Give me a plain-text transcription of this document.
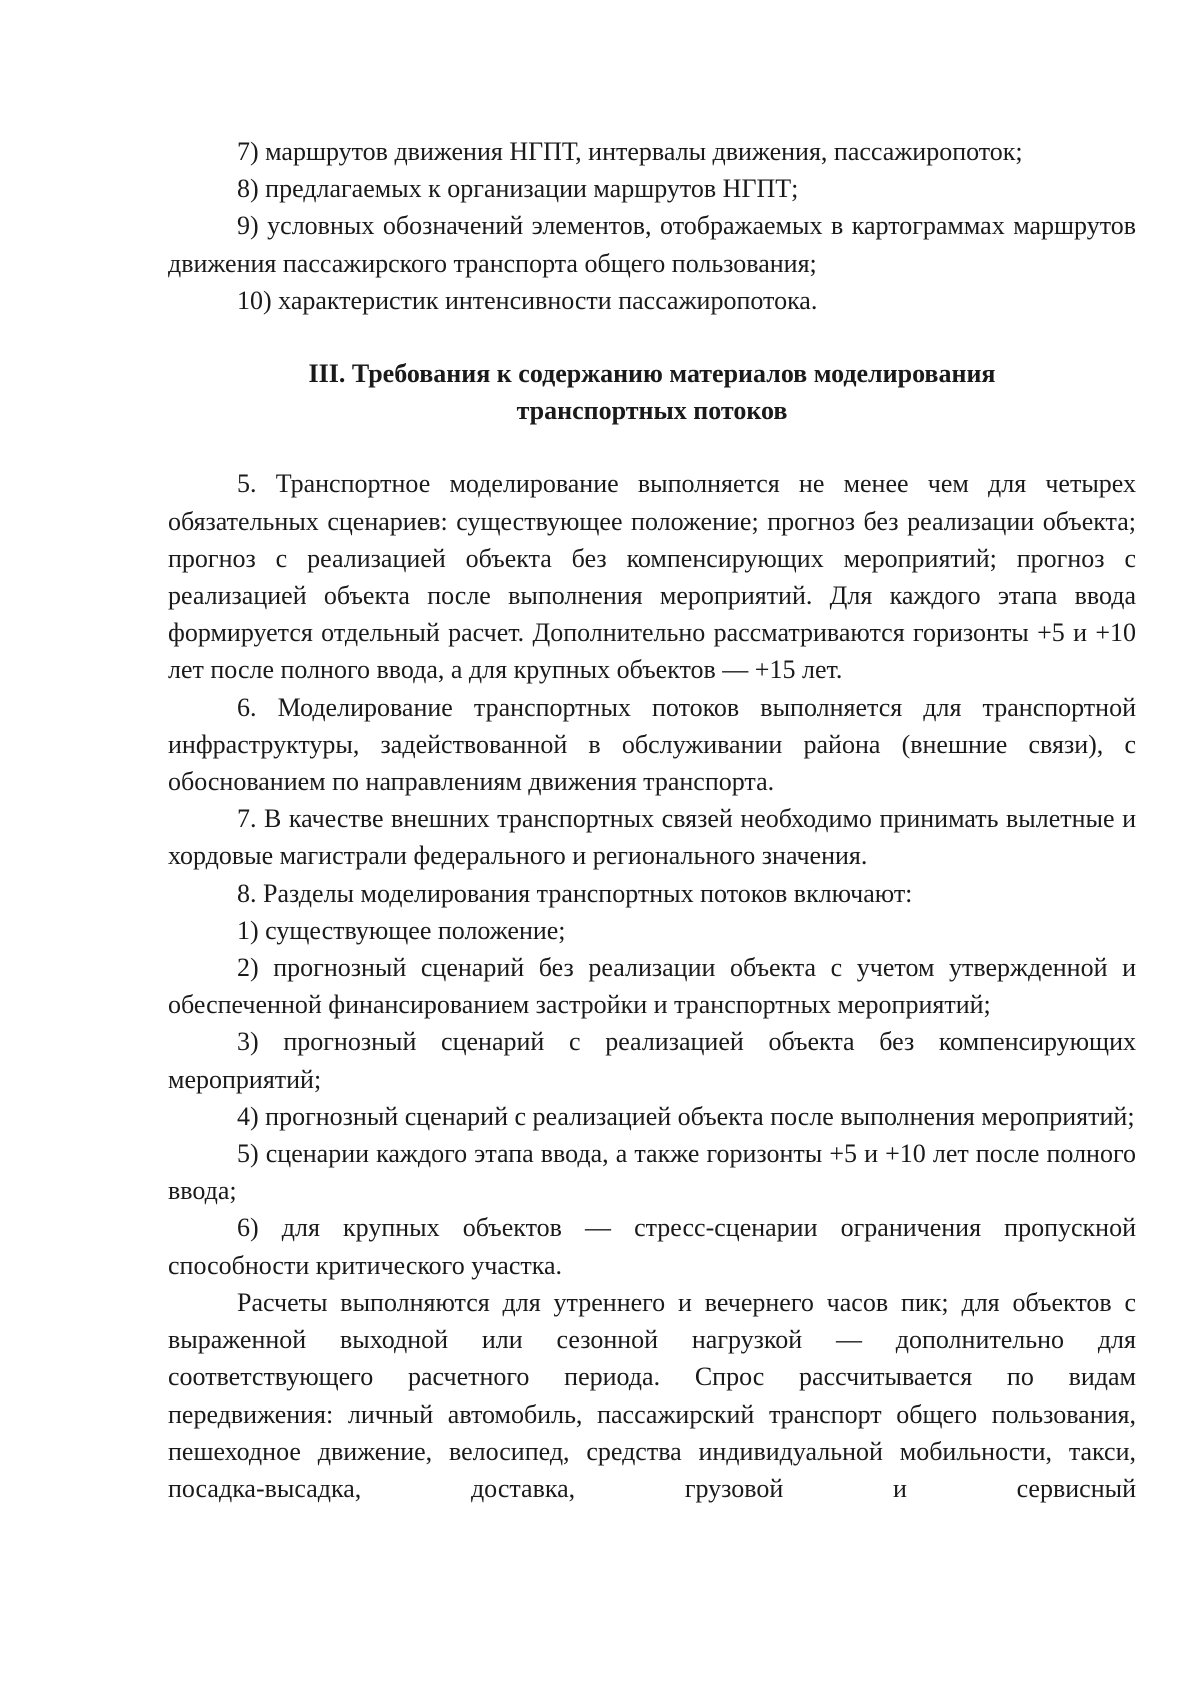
7) маршрутов движения НГПТ, интервалы движения, пассажиропоток;

8) предлагаемых к организации маршрутов НГПТ;

9) условных обозначений элементов, отображаемых в картограммах маршрутов движения пассажирского транспорта общего пользования;

10) характеристик интенсивности пассажиропотока.

III. Требования к содержанию материалов моделирования

транспортных потоков

5. Транспортное моделирование выполняется не менее чем для четырех обязательных сценариев: существующее положение; прогноз без реализации объекта; прогноз с реализацией объекта без компенсирующих мероприятий; прогноз с реализацией объекта после выполнения мероприятий. Для каждого этапа ввода формируется отдельный расчет. Дополнительно рассматриваются горизонты +5 и +10 лет после полного ввода, а для крупных объектов — +15 лет.

6. Моделирование транспортных потоков выполняется для транспортной инфраструктуры, задействованной в обслуживании района (внешние связи), с обоснованием по направлениям движения транспорта.

7. В качестве внешних транспортных связей необходимо принимать вылетные и хордовые магистрали федерального и регионального значения.

8. Разделы моделирования транспортных потоков включают:

1) существующее положение;

2) прогнозный сценарий без реализации объекта с учетом утвержденной и обеспеченной финансированием застройки и транспортных мероприятий;

3) прогнозный сценарий с реализацией объекта без компенсирующих мероприятий;

4) прогнозный сценарий с реализацией объекта после выполнения мероприятий;

5) сценарии каждого этапа ввода, а также горизонты +5 и +10 лет после полного ввода;

6) для крупных объектов — стресс-сценарии ограничения пропускной способности критического участка.

Расчеты выполняются для утреннего и вечернего часов пик; для объектов с выраженной выходной или сезонной нагрузкой — дополнительно для соответствующего расчетного периода. Спрос рассчитывается по видам передвижения: личный автомобиль, пассажирский транспорт общего пользования, пешеходное движение, велосипед, средства индивидуальной мобильности, такси, посадка-высадка, доставка, грузовой и сервисный
